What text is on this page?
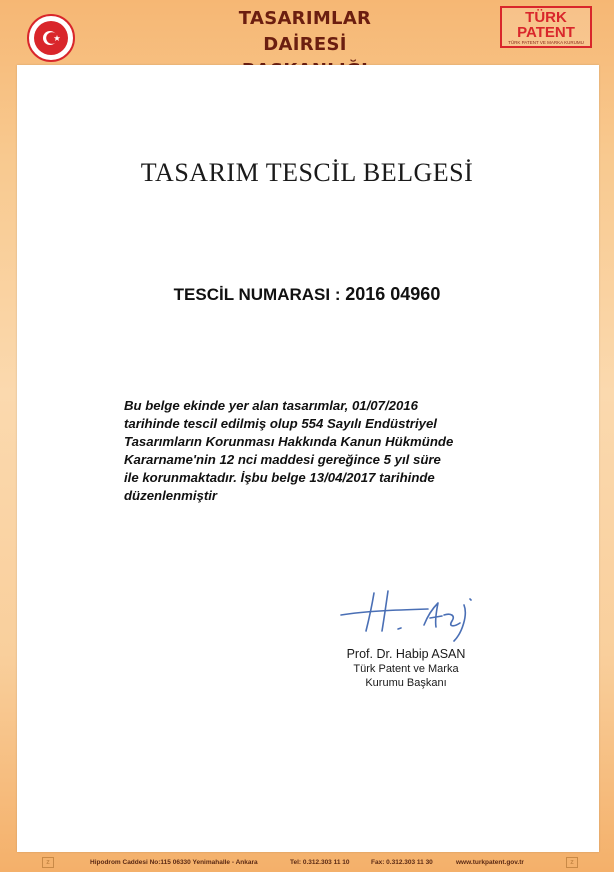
TASARIMLAR
DAİRESİ
TÜRK
PATENT
TÜRK PATENT VE MARKA KURUMU
TASARIM TESCİL BELGESİ
TESCİL NUMARASI : 2016 04960
Bu belge ekinde yer alan tasarımlar, 01/07/2016
tarihinde tescil edilmiş olup 554 Sayılı Endüstriyel
Tasarımların Korunması Hakkında Kanun Hükmünde
Kararname'nin 12 nci maddesi gereğince 5 yıl süre
ile korunmaktadır. İşbu belge 13/04/2017 tarihinde
düzenlenmiştir
Prof. Dr. Habip ASAN
Türk Patent ve Marka
Kurumu Başkanı
z	Hipodrom Caddesi No:115 06330 Yenimahalle - Ankara	Tel: 0.312.303 11 10	Fax: 0.312.303 11 30	www.turkpatent.gov.tr	z
